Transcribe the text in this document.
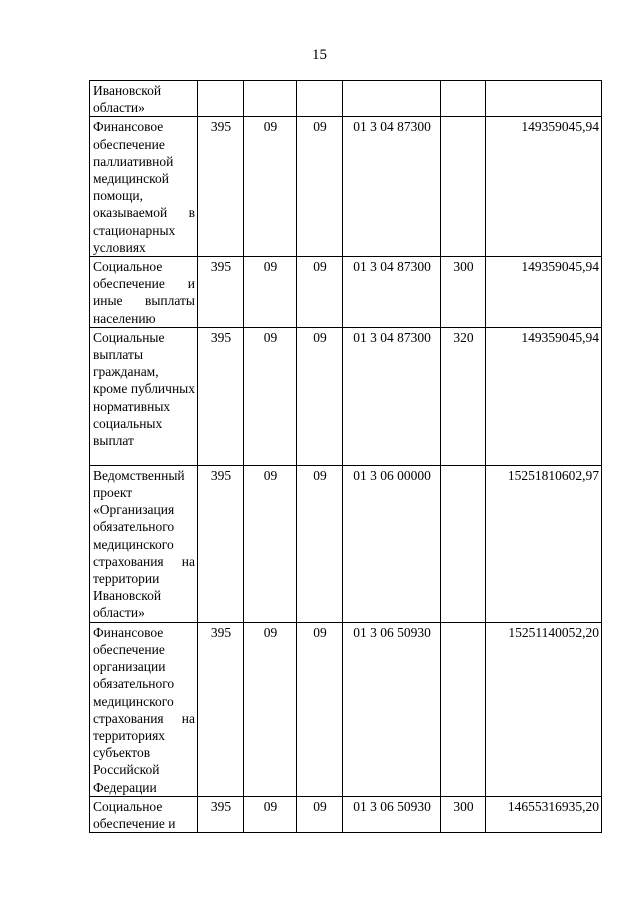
15
Ивановской области»						
Финансовое обеспечение паллиативной медицинской помощи, оказываемой в стационарных условиях	395	09	09	01 3 04 87300		149359045,94
Социальное обеспечение и иные выплаты населению	395	09	09	01 3 04 87300	300	149359045,94
Социальные выплаты гражданам, кроме публичных нормативных социальных выплат	395	09	09	01 3 04 87300	320	149359045,94
Ведомственный проект «Организация обязательного медицинского страхования на территории Ивановской области»	395	09	09	01 3 06 00000		15251810602,97
Финансовое обеспечение организации обязательного медицинского страхования на территориях субъектов Российской Федерации	395	09	09	01 3 06 50930		15251140052,20
Социальное обеспечение и	395	09	09	01 3 06 50930	300	14655316935,20
